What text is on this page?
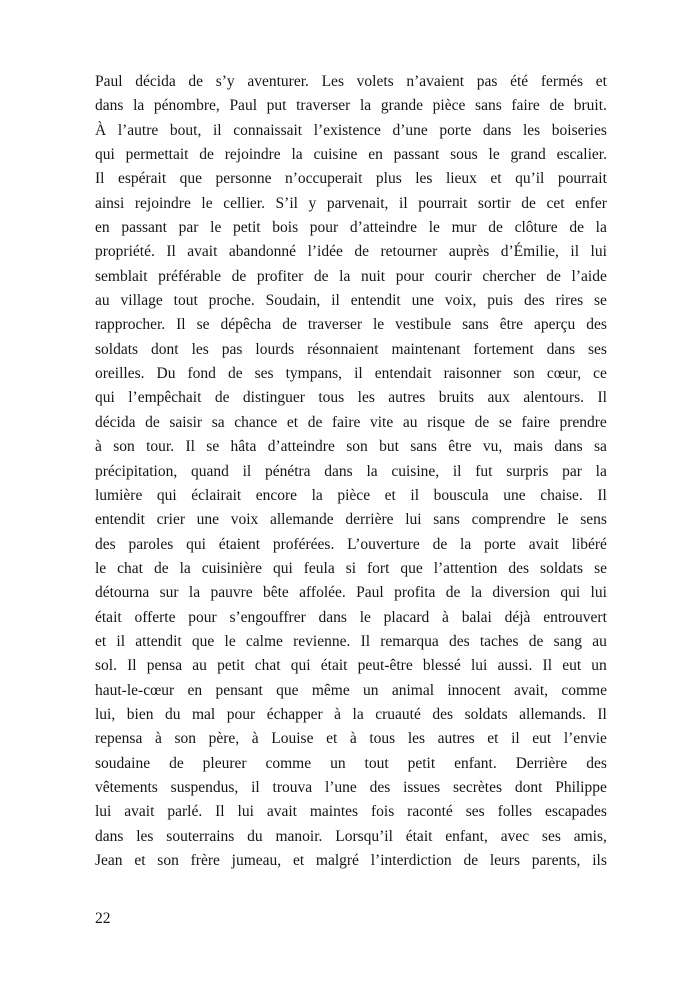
Paul décida de s’y aventurer. Les volets n’avaient pas été fermés et
dans la pénombre, Paul put traverser la grande pièce sans faire de bruit.
À l’autre bout, il connaissait l’existence d’une porte dans les boiseries
qui permettait de rejoindre la cuisine en passant sous le grand escalier.
Il espérait que personne n’occuperait plus les lieux et qu’il pourrait
ainsi rejoindre le cellier. S’il y parvenait, il pourrait sortir de cet enfer
en passant par le petit bois pour d’atteindre le mur de clôture de la
propriété. Il avait abandonné l’idée de retourner auprès d’Émilie, il lui
semblait préférable de profiter de la nuit pour courir chercher de l’aide
au village tout proche. Soudain, il entendit une voix, puis des rires se
rapprocher. Il se dépêcha de traverser le vestibule sans être aperçu des
soldats dont les pas lourds résonnaient maintenant fortement dans ses
oreilles. Du fond de ses tympans, il entendait raisonner son cœur, ce
qui l’empêchait de distinguer tous les autres bruits aux alentours. Il
décida de saisir sa chance et de faire vite au risque de se faire prendre
à son tour. Il se hâta d’atteindre son but sans être vu, mais dans sa
précipitation, quand il pénétra dans la cuisine, il fut surpris par la
lumière qui éclairait encore la pièce et il bouscula une chaise. Il
entendit crier une voix allemande derrière lui sans comprendre le sens
des paroles qui étaient proférées. L’ouverture de la porte avait libéré
le chat de la cuisinière qui feula si fort que l’attention des soldats se
détourna sur la pauvre bête affolée. Paul profita de la diversion qui lui
était offerte pour s’engouffrer dans le placard à balai déjà entrouvert
et il attendit que le calme revienne. Il remarqua des taches de sang au
sol. Il pensa au petit chat qui était peut-être blessé lui aussi. Il eut un
haut-le-cœur en pensant que même un animal innocent avait, comme
lui, bien du mal pour échapper à la cruauté des soldats allemands. Il
repensa à son père, à Louise et à tous les autres et il eut l’envie
soudaine de pleurer comme un tout petit enfant. Derrière des
vêtements suspendus, il trouva l’une des issues secrètes dont Philippe
lui avait parlé. Il lui avait maintes fois raconté ses folles escapades
dans les souterrains du manoir. Lorsqu’il était enfant, avec ses amis,
Jean et son frère jumeau, et malgré l’interdiction de leurs parents, ils
22
